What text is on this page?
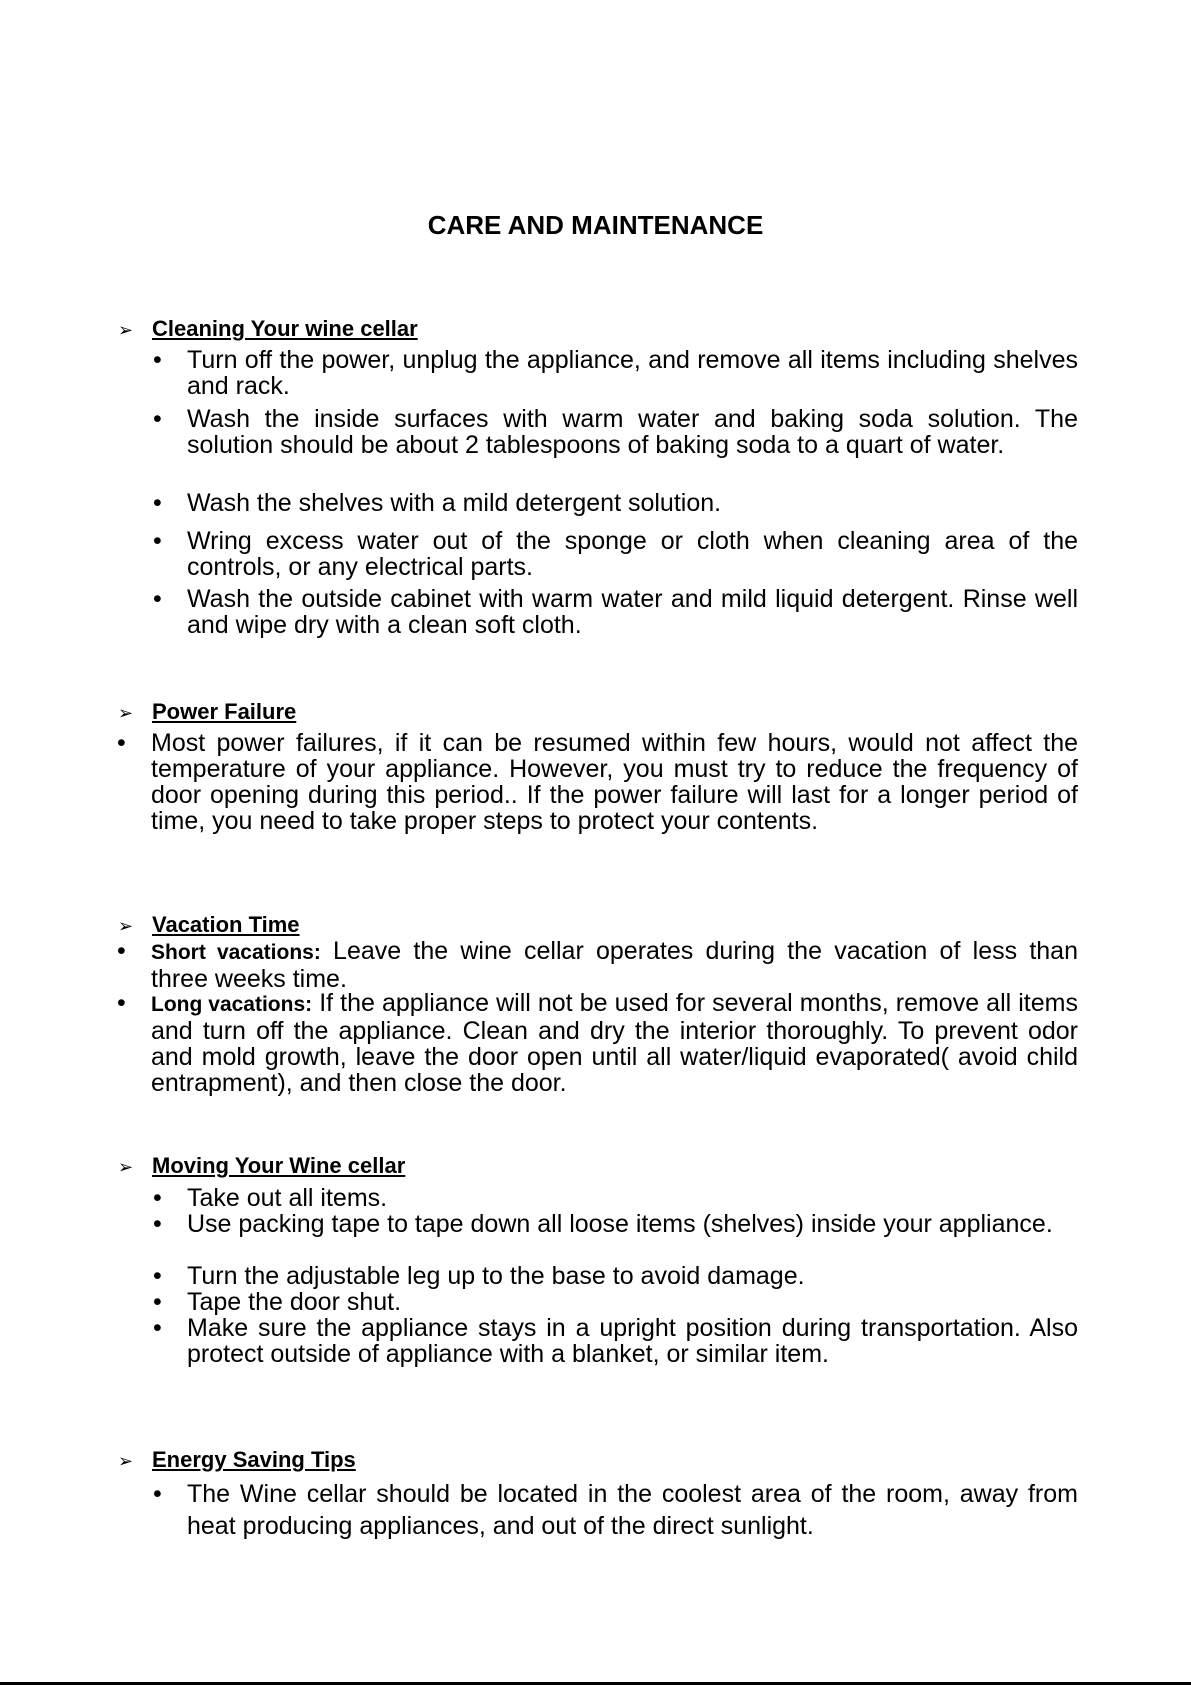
CARE AND MAINTENANCE
➢ Cleaning Your wine cellar
• Turn off the power, unplug the appliance, and remove all items including shelves and rack.
• Wash the inside surfaces with warm water and baking soda solution. The solution should be about 2 tablespoons of baking soda to a quart of water.
• Wash the shelves with a mild detergent solution.
• Wring excess water out of the sponge or cloth when cleaning area of the controls, or any electrical parts.
• Wash the outside cabinet with warm water and mild liquid detergent. Rinse well and wipe dry with a clean soft cloth.
➢ Power Failure
• Most power failures, if it can be resumed within few hours, would not affect the temperature of your appliance. However, you must try to reduce the frequency of door opening during this period.. If the power failure will last for a longer period of time, you need to take proper steps to protect your contents.
➢ Vacation Time
• Short vacations: Leave the wine cellar operates during the vacation of less than three weeks time.
• Long vacations: If the appliance will not be used for several months, remove all items and turn off the appliance. Clean and dry the interior thoroughly. To prevent odor and mold growth, leave the door open until all water/liquid evaporated( avoid child entrapment), and then close the door.
➢ Moving Your Wine cellar
• Take out all items.
• Use packing tape to tape down all loose items (shelves) inside your appliance.
• Turn the adjustable leg up to the base to avoid damage.
• Tape the door shut.
• Make sure the appliance stays in a upright position during transportation. Also protect outside of appliance with a blanket, or similar item.
➢ Energy Saving Tips
• The Wine cellar should be located in the coolest area of the room, away from heat producing appliances, and out of the direct sunlight.
